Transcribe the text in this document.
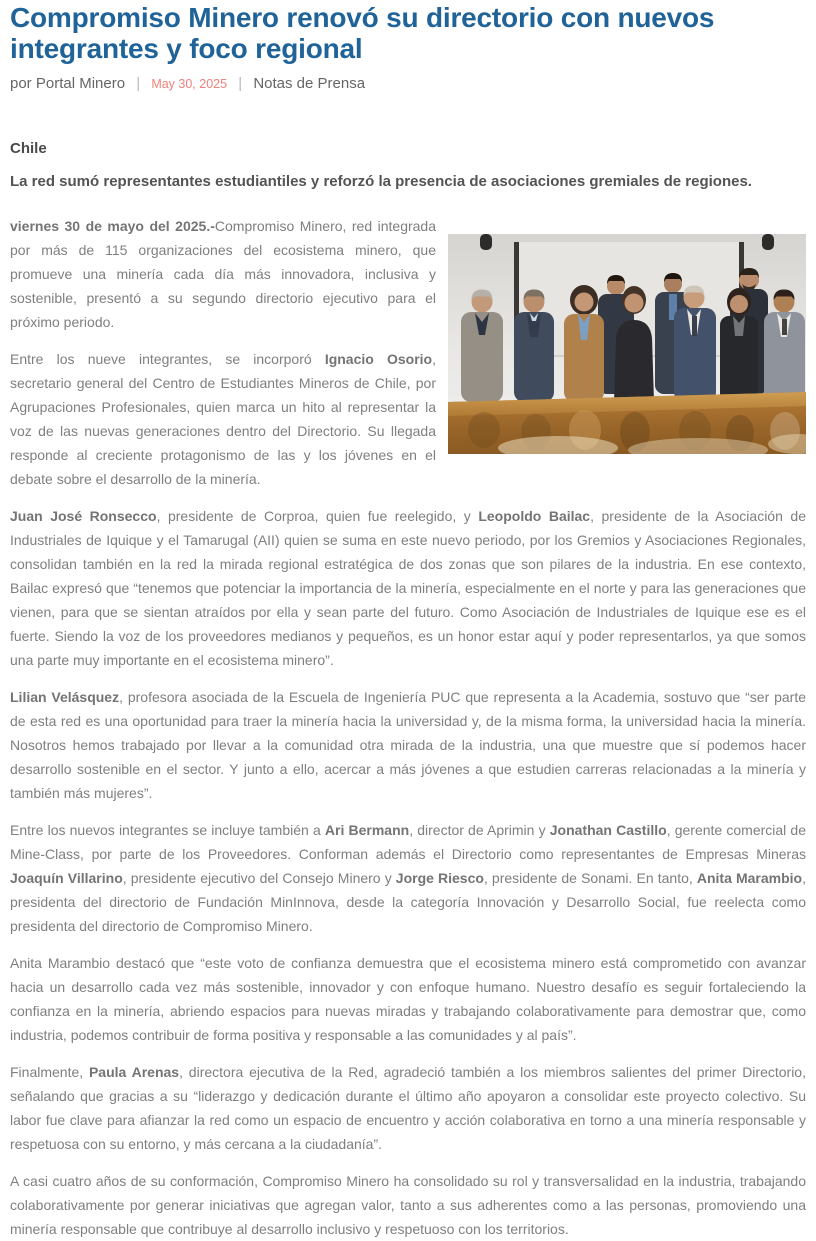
Compromiso Minero renovó su directorio con nuevos integrantes y foco regional
por Portal Minero | May 30, 2025 | Notas de Prensa
Chile

La red sumó representantes estudiantiles y reforzó la presencia de asociaciones gremiales de regiones.

viernes 30 de mayo del 2025.-Compromiso Minero, red integrada por más de 115 organizaciones del ecosistema minero, que promueve una minería cada día más innovadora, inclusiva y sostenible, presentó a su segundo directorio ejecutivo para el próximo periodo.

Entre los nueve integrantes, se incorporó Ignacio Osorio, secretario general del Centro de Estudiantes Mineros de Chile, por Agrupaciones Profesionales, quien marca un hito al representar la voz de las nuevas generaciones dentro del Directorio. Su llegada responde al creciente protagonismo de las y los jóvenes en el debate sobre el desarrollo de la minería.

Juan José Ronsecco, presidente de Corproa, quien fue reelegido, y Leopoldo Bailac, presidente de la Asociación de Industriales de Iquique y el Tamarugal (AII) quien se suma en este nuevo periodo, por los Gremios y Asociaciones Regionales, consolidan también en la red la mirada regional estratégica de dos zonas que son pilares de la industria. En ese contexto, Bailac expresó que “tenemos que potenciar la importancia de la minería, especialmente en el norte y para las generaciones que vienen, para que se sientan atraídos por ella y sean parte del futuro. Como Asociación de Industriales de Iquique ese es el fuerte. Siendo la voz de los proveedores medianos y pequeños, es un honor estar aquí y poder representarlos, ya que somos una parte muy importante en el ecosistema minero”.

Lilian Velásquez, profesora asociada de la Escuela de Ingeniería PUC que representa a la Academia, sostuvo que “ser parte de esta red es una oportunidad para traer la minería hacia la universidad y, de la misma forma, la universidad hacia la minería. Nosotros hemos trabajado por llevar a la comunidad otra mirada de la industria, una que muestre que sí podemos hacer desarrollo sostenible en el sector. Y junto a ello, acercar a más jóvenes a que estudien carreras relacionadas a la minería y también más mujeres”.

Entre los nuevos integrantes se incluye también a Ari Bermann, director de Aprimin y Jonathan Castillo, gerente comercial de Mine-Class, por parte de los Proveedores. Conforman además el Directorio como representantes de Empresas Mineras Joaquín Villarino, presidente ejecutivo del Consejo Minero y Jorge Riesco, presidente de Sonami. En tanto, Anita Marambio, presidenta del directorio de Fundación MinInnova, desde la categoría Innovación y Desarrollo Social, fue reelecta como presidenta del directorio de Compromiso Minero.

Anita Marambio destacó que “este voto de confianza demuestra que el ecosistema minero está comprometido con avanzar hacia un desarrollo cada vez más sostenible, innovador y con enfoque humano. Nuestro desafío es seguir fortaleciendo la confianza en la minería, abriendo espacios para nuevas miradas y trabajando colaborativamente para demostrar que, como industria, podemos contribuir de forma positiva y responsable a las comunidades y al país”.

Finalmente, Paula Arenas, directora ejecutiva de la Red, agradeció también a los miembros salientes del primer Directorio, señalando que gracias a su “liderazgo y dedicación durante el último año apoyaron a consolidar este proyecto colectivo. Su labor fue clave para afianzar la red como un espacio de encuentro y acción colaborativa en torno a una minería responsable y respetuosa con su entorno, y más cercana a la ciudadanía”.

A casi cuatro años de su conformación, Compromiso Minero ha consolidado su rol y transversalidad en la industria, trabajando colaborativamente por generar iniciativas que agregan valor, tanto a sus adherentes como a las personas, promoviendo una minería responsable que contribuye al desarrollo inclusivo y respetuoso con los territorios.
